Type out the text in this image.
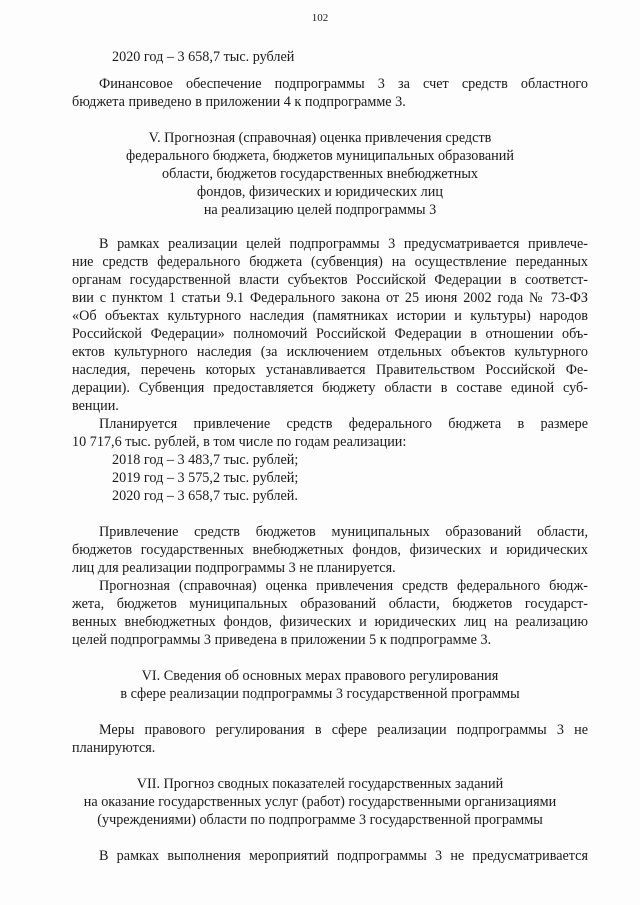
102
2020 год – 3 658,7 тыс. рублей
Финансовое обеспечение подпрограммы 3 за счет средств областного
бюджета приведено в приложении 4 к подпрограмме 3.
V. Прогнозная (справочная) оценка привлечения средств
федерального бюджета, бюджетов муниципальных образований
области, бюджетов государственных внебюджетных
фондов, физических и юридических лиц
на реализацию целей подпрограммы 3
В рамках реализации целей подпрограммы 3 предусматривается привлече-
ние средств федерального бюджета (субвенция) на осуществление переданных
органам государственной власти субъектов Российской Федерации в соответст-
вии с пунктом 1 статьи 9.1 Федерального закона от 25 июня 2002 года № 73-ФЗ
«Об объектах культурного наследия (памятниках истории и культуры) народов
Российской Федерации» полномочий Российской Федерации в отношении объ-
ектов культурного наследия (за исключением отдельных объектов культурного
наследия, перечень которых устанавливается Правительством Российской Фе-
дерации). Субвенция предоставляется бюджету области в составе единой суб-
венции.
Планируется привлечение средств федерального бюджета в размере
10 717,6 тыс. рублей, в том числе по годам реализации:
2018 год – 3 483,7 тыс. рублей;
2019 год – 3 575,2 тыс. рублей;
2020 год – 3 658,7 тыс. рублей.
Привлечение средств бюджетов муниципальных образований области,
бюджетов государственных внебюджетных фондов, физических и юридических
лиц для реализации подпрограммы 3 не планируется.
Прогнозная (справочная) оценка привлечения средств федерального бюдж-
жета, бюджетов муниципальных образований области, бюджетов государст-
венных внебюджетных фондов, физических и юридических лиц на реализацию
целей подпрограммы 3 приведена в приложении 5 к подпрограмме 3.
VI. Сведения об основных мерах правового регулирования
в сфере реализации подпрограммы 3 государственной программы
Меры правового регулирования в сфере реализации подпрограммы 3 не
планируются.
VII. Прогноз сводных показателей государственных заданий
на оказание государственных услуг (работ) государственными организациями
(учреждениями) области по подпрограмме 3 государственной программы
В рамках выполнения мероприятий подпрограммы 3 не предусматривается
